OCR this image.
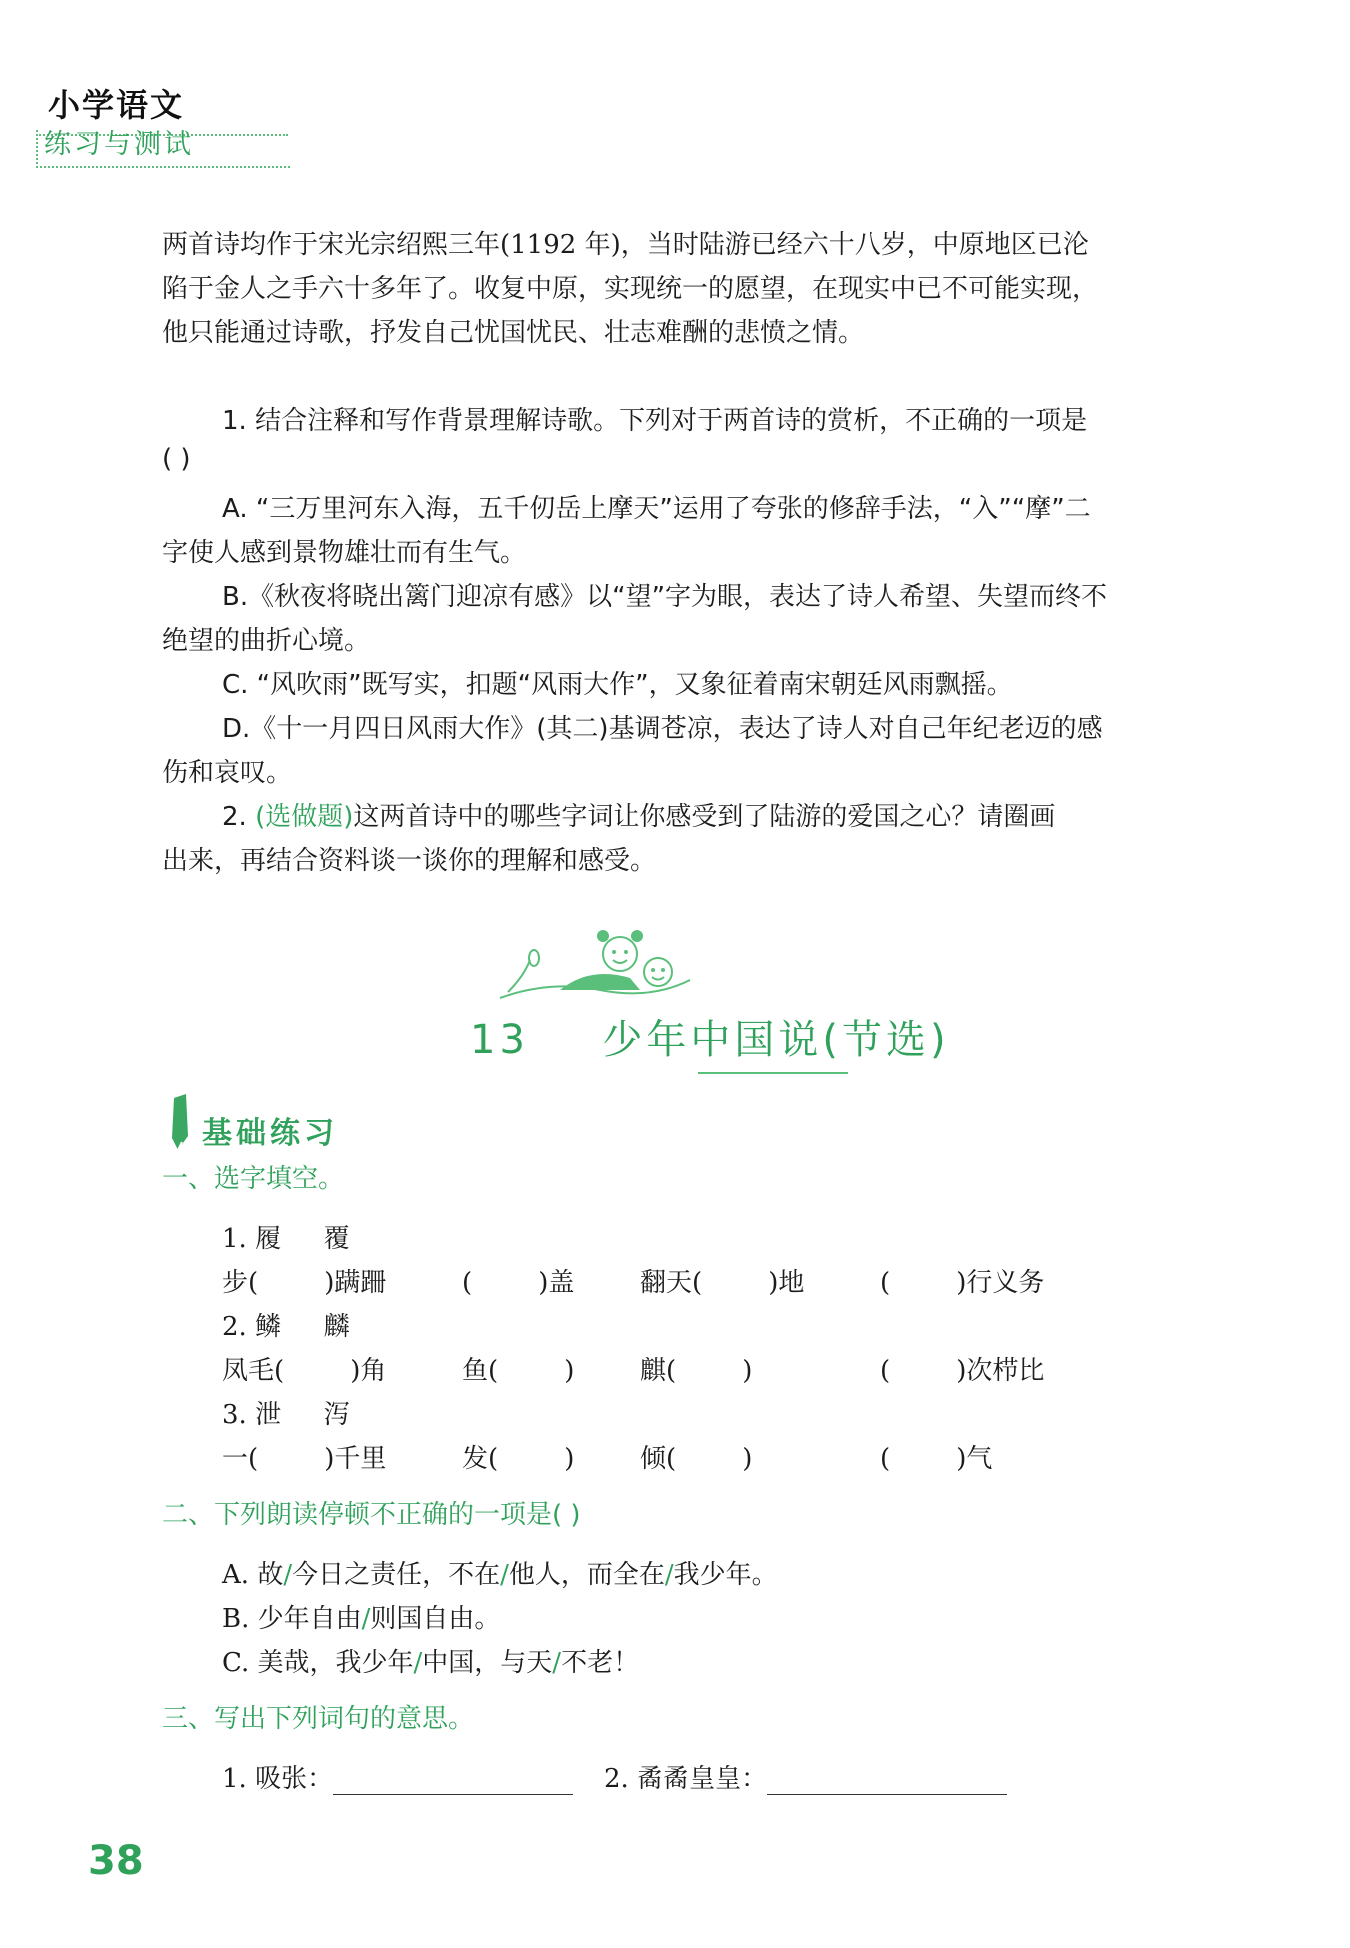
小学语文
练习与测试
两首诗均作于宋光宗绍熙三年(1192 年)，当时陆游已经六十八岁，中原地区已沦
陷于金人之手六十多年了。收复中原，实现统一的愿望，在现实中已不可能实现，
他只能通过诗歌，抒发自己忧国忧民、壮志难酬的悲愤之情。
1. 结合注释和写作背景理解诗歌。下列对于两首诗的赏析，不正确的一项是
( )
A. “三万里河东入海，五千仞岳上摩天”运用了夸张的修辞手法，“入”“摩”二
字使人感到景物雄壮而有生气。
B.《秋夜将晓出篱门迎凉有感》以“望”字为眼，表达了诗人希望、失望而终不
绝望的曲折心境。
C. “风吹雨”既写实，扣题“风雨大作”，又象征着南宋朝廷风雨飘摇。
D.《十一月四日风雨大作》(其二)基调苍凉，表达了诗人对自己年纪老迈的感
伤和哀叹。
2. (选做题)这两首诗中的哪些字词让你感受到了陆游的爱国之心？请圈画
出来，再结合资料谈一谈你的理解和感受。
13 少年中国说(节选)
基础练习
一、选字填空。
1. 履　  覆
步(        )蹒跚	(        )盖	翻天(        )地	(        )行义务
2. 鳞　  麟
凤毛(        )角	鱼(        )	麒(        )	(        )次栉比
3. 泄　  泻
一(        )千里	发(        )	倾(        )	(        )气
二、下列朗读停顿不正确的一项是( )
A. 故/今日之责任，不在/他人，而全在/我少年。
B. 少年自由/则国自由。
C. 美哉，我少年/中国，与天/不老！
三、写出下列词句的意思。
1. 吸张：	2. 矞矞皇皇：
38
